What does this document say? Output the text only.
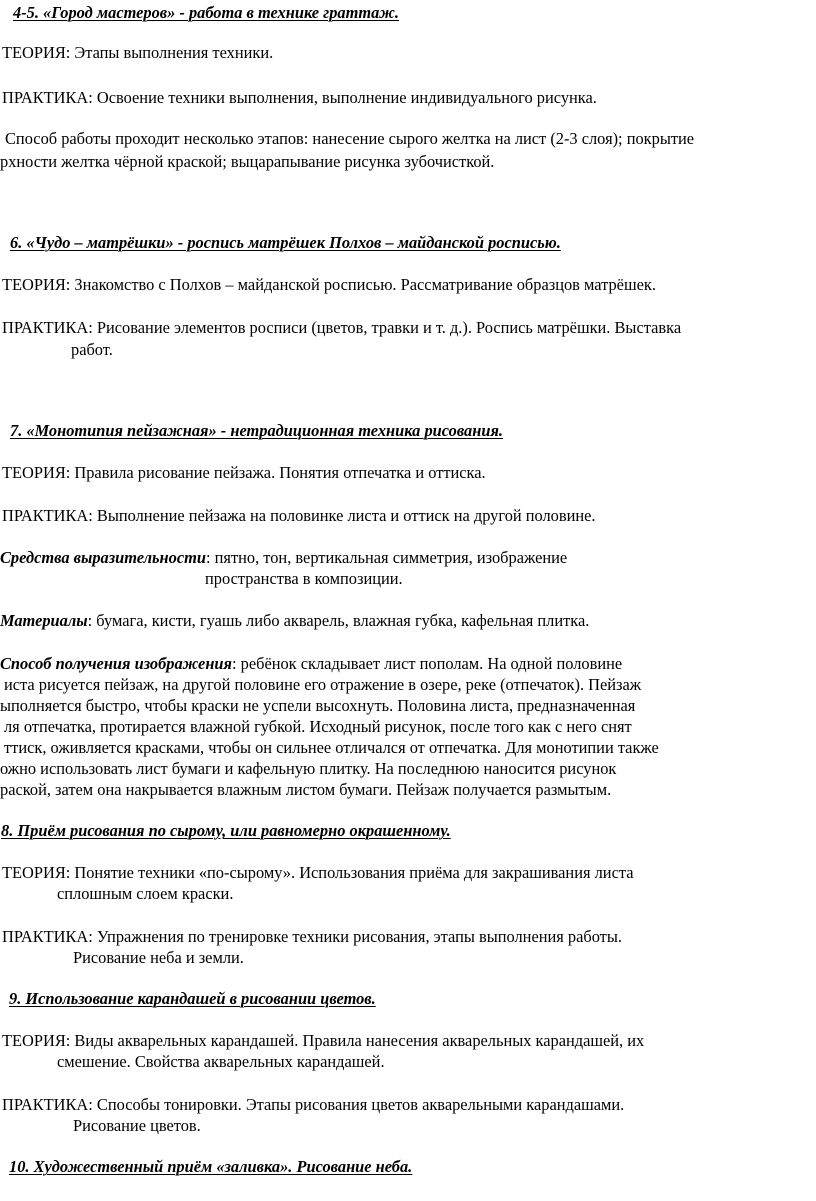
4-5. «Город мастеров» - работа в технике граттаж.
ТЕОРИЯ: Этапы выполнения техники.
ПРАКТИКА: Освоение техники выполнения, выполнение индивидуального рисунка.
Способ работы проходит несколько этапов: нанесение сырого желтка на лист (2-3 слоя); покрытие
рхности желтка чёрной краской; выцарапывание рисунка зубочисткой.
6. «Чудо – матрёшки» - роспись матрёшек Полхов – майданской росписью.
ТЕОРИЯ: Знакомство с Полхов – майданской росписью. Рассматривание образцов матрёшек.
ПРАКТИКА: Рисование элементов росписи (цветов, травки и т. д.). Роспись матрёшки. Выставка
работ.
7. «Монотипия пейзажная» - нетрадиционная техника рисования.
ТЕОРИЯ: Правила рисование пейзажа. Понятия отпечатка и оттиска.
ПРАКТИКА: Выполнение пейзажа на половинке листа и оттиск на другой половине.
Средства выразительности: пятно, тон, вертикальная симметрия, изображение
пространства в композиции.
Материалы: бумага, кисти, гуашь либо акварель, влажная губка, кафельная плитка.
Способ получения изображения: ребёнок складывает лист пополам. На одной половине
иста рисуется пейзаж, на другой половине его отражение в озере, реке (отпечаток). Пейзаж
ыполняется быстро, чтобы краски не успели высохнуть. Половина листа, предназначенная
ля отпечатка, протирается влажной губкой. Исходный рисунок, после того как с него снят
ттиск, оживляется красками, чтобы он сильнее отличался от отпечатка. Для монотипии также
ожно использовать лист бумаги и кафельную плитку. На последнюю наносится рисунок
раской, затем она накрывается влажным листом бумаги. Пейзаж получается размытым.
8. Приём рисования по сырому, или равномерно окрашенному.
ТЕОРИЯ: Понятие техники «по-сырому». Использования приёма для закрашивания листа
сплошным слоем краски.
ПРАКТИКА: Упражнения по тренировке техники рисования, этапы выполнения работы.
Рисование неба и земли.
9. Использование карандашей в рисовании цветов.
ТЕОРИЯ: Виды акварельных карандашей. Правила нанесения акварельных карандашей, их
смешение. Свойства акварельных карандашей.
ПРАКТИКА: Способы тонировки. Этапы рисования цветов акварельными карандашами.
Рисование цветов.
10. Художественный приём «заливка». Рисование неба.
